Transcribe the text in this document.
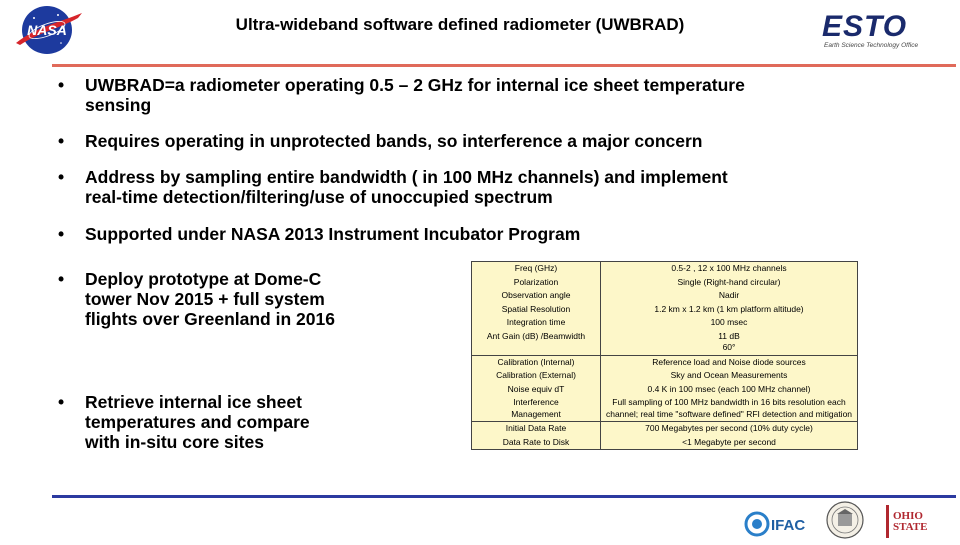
NASA	Ultra-wideband software defined radiometer (UWBRAD)	ESTO
Earth Science Technology Office
• UWBRAD=a radiometer operating 0.5 – 2 GHz for internal ice sheet temperature sensing
• Requires operating in unprotected bands, so interference a major concern
• Address by sampling entire bandwidth ( in 100 MHz channels) and implement real-time detection/filtering/use of unoccupied spectrum
• Supported under NASA 2013 Instrument Incubator Program
• Deploy prototype at Dome-C tower Nov 2015 + full system flights over Greenland in 2016
• Retrieve internal ice sheet temperatures and compare with in-situ core sites
Freq (GHz)	0.5-2 , 12 x 100 MHz channels
Polarization	Single (Right-hand circular)
Observation angle	Nadir
Spatial Resolution	1.2 km x 1.2 km (1 km platform altitude)
Integration time	100 msec
Ant Gain (dB) /Beamwidth	11 dB
60°
Calibration (Internal)	Reference load and Noise diode sources
Calibration (External)	Sky and Ocean Measurements
Noise equiv dT	0.4 K in 100 msec (each 100 MHz channel)
Interference
Management	Full sampling of 100 MHz bandwidth in 16 bits resolution each channel; real time "software defined" RFI detection and mitigation
Initial Data Rate	700 Megabytes per second (10% duty cycle)
Data Rate to Disk	<1 Megabyte per second
IFAC
OHIO STATE
